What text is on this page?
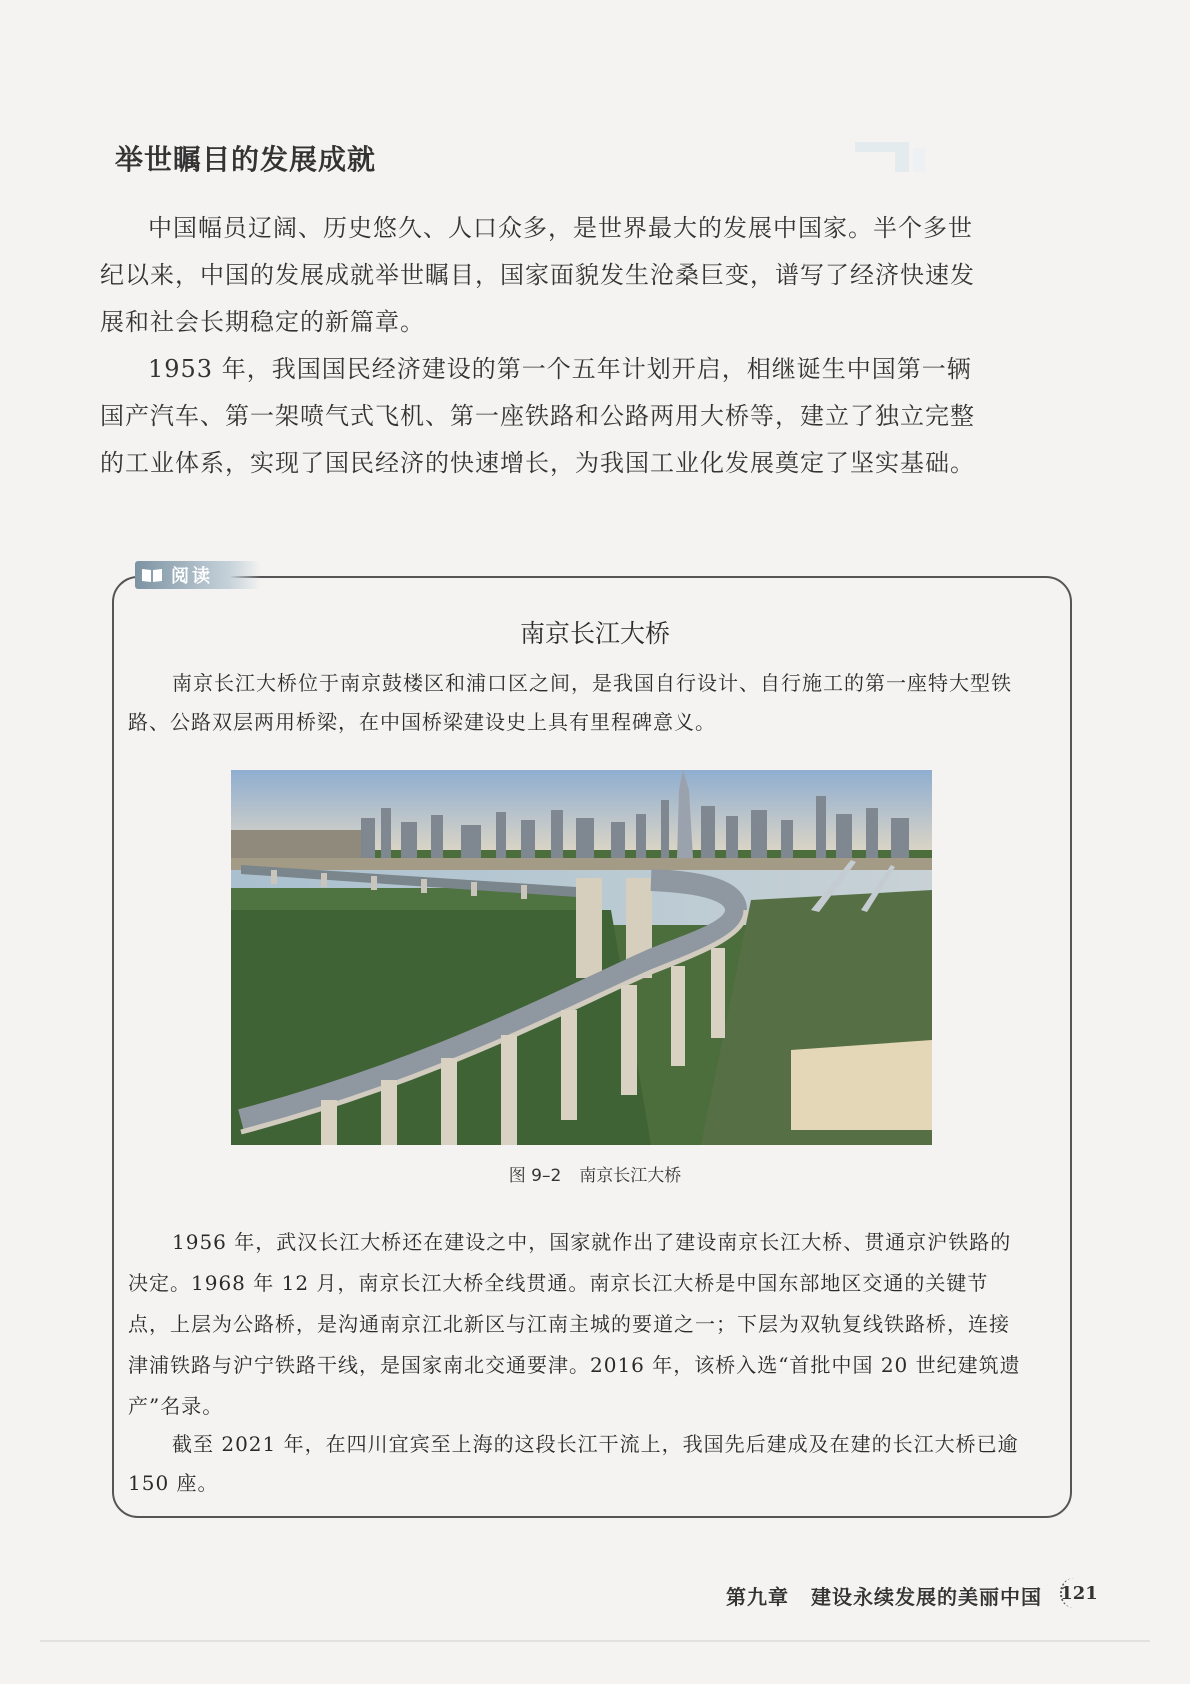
举世瞩目的发展成就

中国幅员辽阔、历史悠久、人口众多，是世界最大的发展中国家。半个多世纪以来，中国的发展成就举世瞩目，国家面貌发生沧桑巨变，谱写了经济快速发展和社会长期稳定的新篇章。

1953 年，我国国民经济建设的第一个五年计划开启，相继诞生中国第一辆国产汽车、第一架喷气式飞机、第一座铁路和公路两用大桥等，建立了独立完整的工业体系，实现了国民经济的快速增长，为我国工业化发展奠定了坚实基础。

阅读
南京长江大桥

南京长江大桥位于南京鼓楼区和浦口区之间，是我国自行设计、自行施工的第一座特大型铁路、公路双层两用桥梁，在中国桥梁建设史上具有里程碑意义。

图 9–2 南京长江大桥

1956 年，武汉长江大桥还在建设之中，国家就作出了建设南京长江大桥、贯通京沪铁路的决定。1968 年 12 月，南京长江大桥全线贯通。南京长江大桥是中国东部地区交通的关键节点，上层为公路桥，是沟通南京江北新区与江南主城的要道之一；下层为双轨复线铁路桥，连接津浦铁路与沪宁铁路干线，是国家南北交通要津。2016 年，该桥入选“首批中国 20 世纪建筑遗产”名录。

截至 2021 年，在四川宜宾至上海的这段长江干流上，我国先后建成及在建的长江大桥已逾 150 座。

第九章 建设永续发展的美丽中国 121
